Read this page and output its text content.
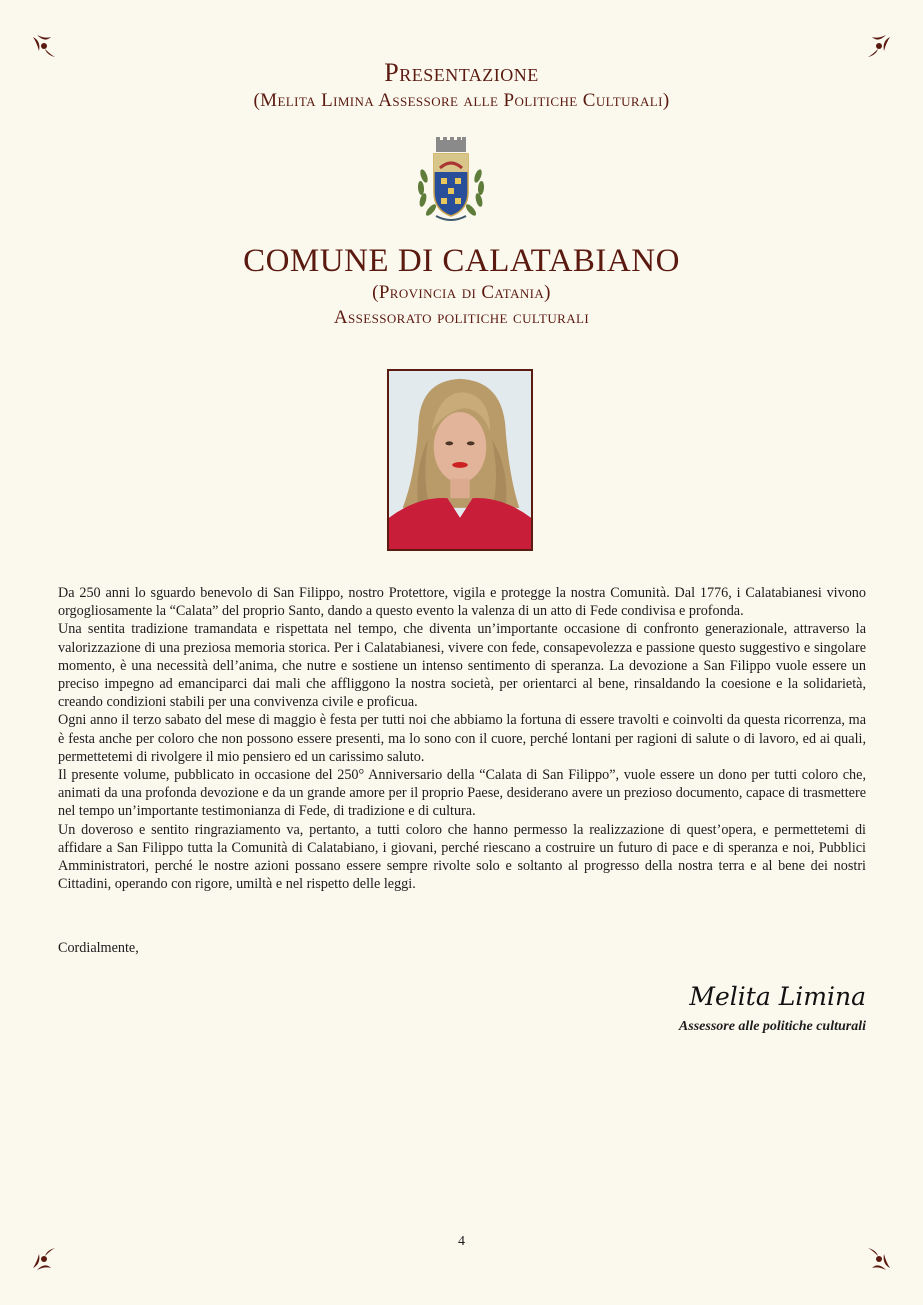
Presentazione
(Melita Limina Assessore alle Politiche Culturali)
COMUNE DI CALATABIANO
(Provincia di Catania)
Assessorato politiche culturali

Da 250 anni lo sguardo benevolo di San Filippo, nostro Protettore, vigila e protegge la nostra Comunità. Dal 1776, i Calatabianesi vivono orgogliosamente la “Calata” del proprio Santo, dando a questo evento la valenza di un atto di Fede condivisa e profonda.

Una sentita tradizione tramandata e rispettata nel tempo, che diventa un’importante occasione di confronto generazionale, attraverso la valorizzazione di una preziosa memoria storica. Per i Calatabianesi, vivere con fede, consapevolezza e passione questo suggestivo e singolare momento, è una necessità dell’anima, che nutre e sostiene un intenso sentimento di speranza. La devozione a San Filippo vuole essere un preciso impegno ad emanciparci dai mali che affliggono la nostra società, per orientarci al bene, rinsaldando la coesione e la solidarietà, creando condizioni stabili per una convivenza civile e proficua.

Ogni anno il terzo sabato del mese di maggio è festa per tutti noi che abbiamo la fortuna di essere travolti e coinvolti da questa ricorrenza, ma è festa anche per coloro che non possono essere presenti, ma lo sono con il cuore, perché lontani per ragioni di salute o di lavoro, ed ai quali, permettetemi di rivolgere il mio pensiero ed un carissimo saluto.

Il presente volume, pubblicato in occasione del 250° Anniversario della “Calata di San Filippo”, vuole essere un dono per tutti coloro che, animati da una profonda devozione e da un grande amore per il proprio Paese, desiderano avere un prezioso documento, capace di trasmettere nel tempo un’importante testimonianza di Fede, di tradizione e di cultura.

Un doveroso e sentito ringraziamento va, pertanto, a tutti coloro che hanno permesso la realizzazione di quest’opera, e permettetemi di affidare a San Filippo tutta la Comunità di Calatabiano, i giovani, perché riescano a costruire un futuro di pace e di speranza e noi, Pubblici Amministratori, perché le nostre azioni possano essere sempre rivolte solo e soltanto al progresso della nostra terra e al bene dei nostri Cittadini, operando con rigore, umiltà e nel rispetto delle leggi.

Cordialmente,
Melita Limina
Assessore alle politiche culturali
4
